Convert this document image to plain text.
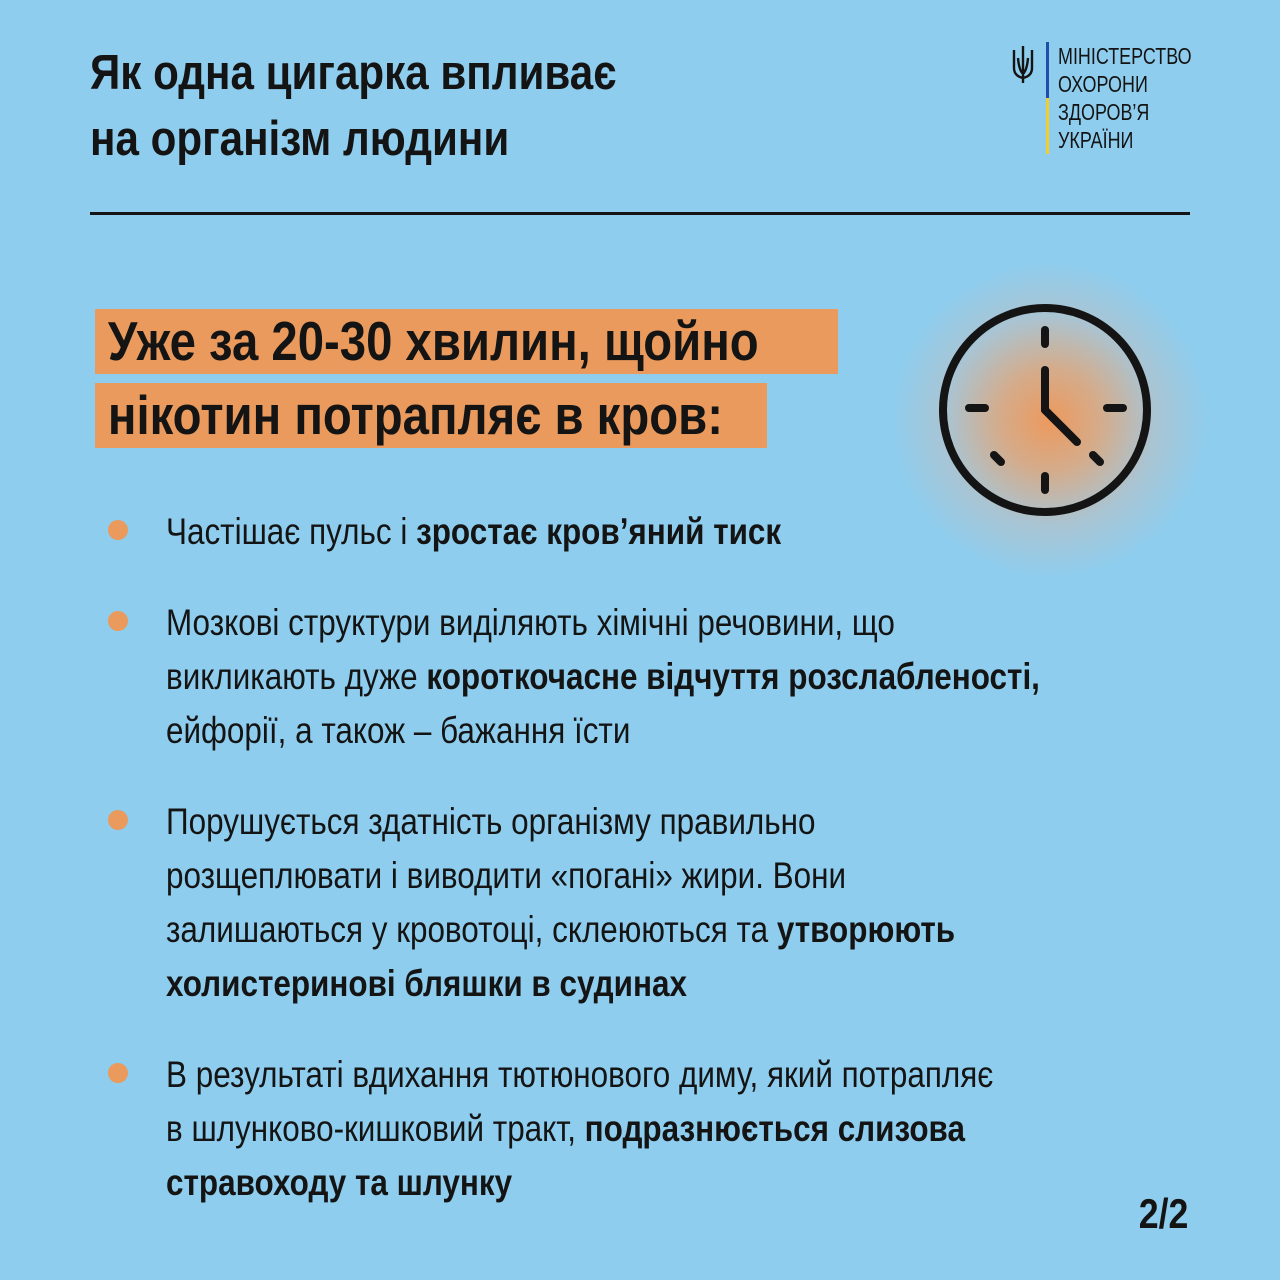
Як одна цигарка впливає
на організм людини
МІНІСТЕРСТВО
ОХОРОНИ
ЗДОРОВ’Я
УКРАЇНИ
Уже за 20-30 хвилин, щойно
нікотин потрапляє в кров:
Частішає пульс і зростає кров’яний тиск
Мозкові структури виділяють хімічні речовини, що
викликають дуже короткочасне відчуття розслабленості,
ейфорії, а також – бажання їсти
Порушується здатність організму правильно
розщеплювати і виводити «погані» жири. Вони
залишаються у кровотоці, склеюються та утворюють
холистеринові бляшки в судинах
В результаті вдихання тютюнового диму, який потрапляє
в шлунково-кишковий тракт, подразнюється слизова
стравоходу та шлунку
2/2
